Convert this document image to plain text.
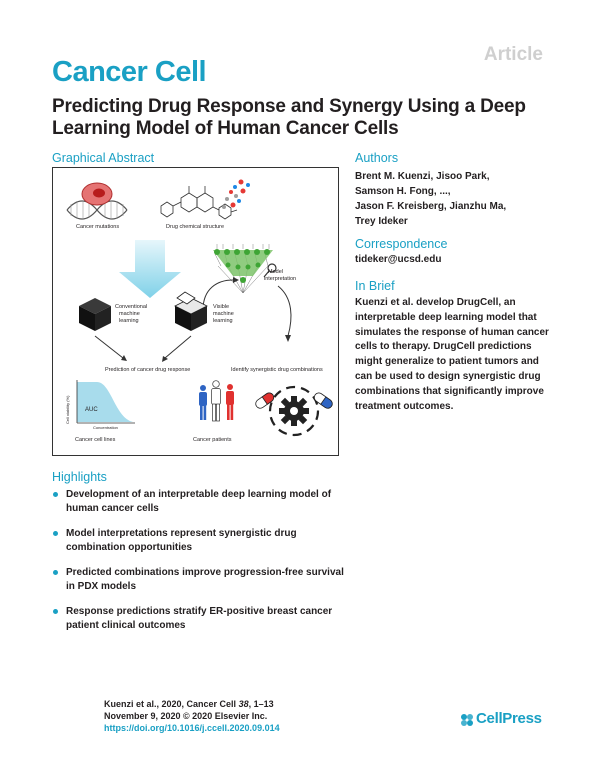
Article
Cancer Cell
Predicting Drug Response and Synergy Using a Deep Learning Model of Human Cancer Cells
Graphical Abstract
Cancer mutations	Drug chemical structure
Model
interpretation
Conventional
machine
learning
Visible
machine
learning
Prediction of cancer drug response	Identify synergistic drug combinations
AUC
Cell viability (%)
Concentration
Cancer cell lines	Cancer patients
Authors
Brent M. Kuenzi, Jisoo Park,
Samson H. Fong, ...,
Jason F. Kreisberg, Jianzhu Ma,
Trey Ideker
Correspondence
tideker@ucsd.edu
In Brief
Kuenzi et al. develop DrugCell, an interpretable deep learning model that simulates the response of human cancer cells to therapy. DrugCell predictions might generalize to patient tumors and can be used to design synergistic drug combinations that significantly improve treatment outcomes.
Highlights
Development of an interpretable deep learning model of human cancer cells
Model interpretations represent synergistic drug combination opportunities
Predicted combinations improve progression-free survival in PDX models
Response predictions stratify ER-positive breast cancer patient clinical outcomes
Kuenzi et al., 2020, Cancer Cell 38, 1–13
November 9, 2020 © 2020 Elsevier Inc.
https://doi.org/10.1016/j.ccell.2020.09.014
CellPress
